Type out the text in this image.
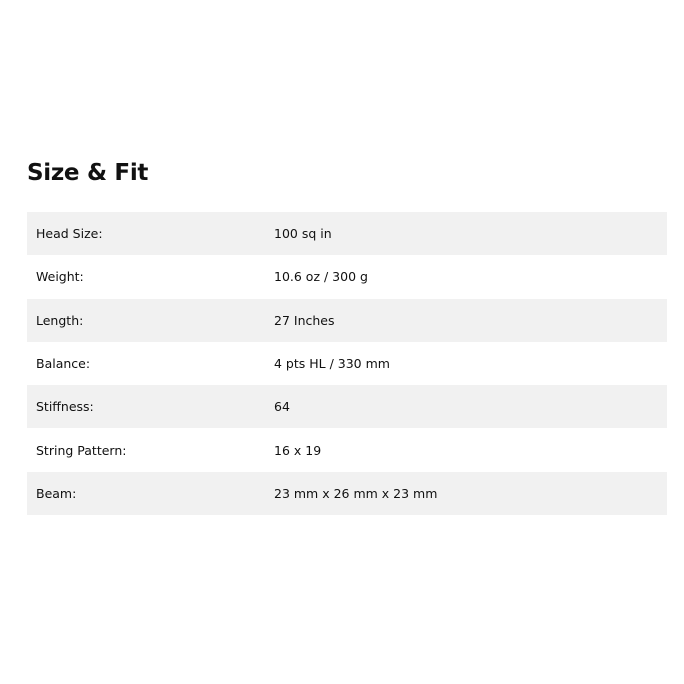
Size & Fit
Head Size:	100 sq in
Weight:	10.6 oz / 300 g
Length:	27 Inches
Balance:	4 pts HL / 330 mm
Stiffness:	64
String Pattern:	16 x 19
Beam:	23 mm x 26 mm x 23 mm
